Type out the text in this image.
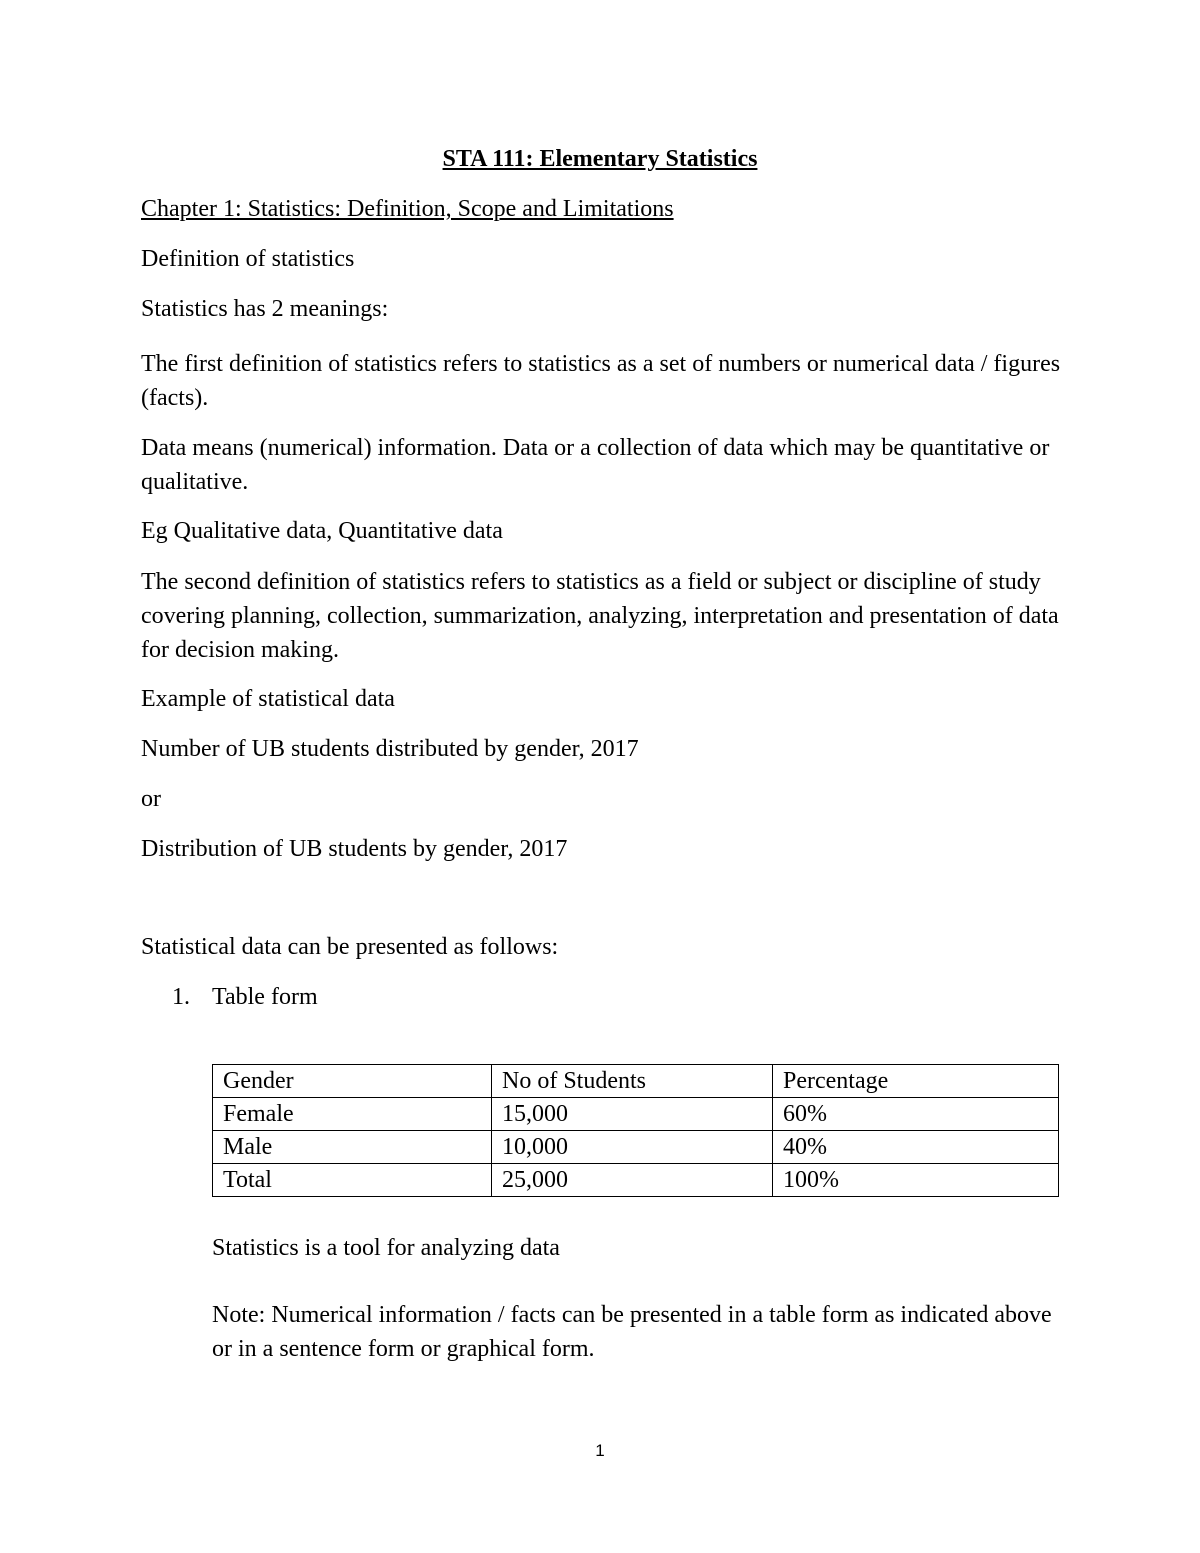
STA 111: Elementary Statistics
Chapter 1: Statistics: Definition, Scope and Limitations
Definition of statistics
Statistics has 2 meanings:
The first definition of statistics refers to statistics as a set of numbers or numerical data / figures (facts).
Data means (numerical) information. Data or a collection of data which may be quantitative or qualitative.
Eg Qualitative data, Quantitative data
The second definition of statistics refers to statistics as a field or subject or discipline of study covering planning, collection, summarization, analyzing, interpretation and presentation of data for decision making.
Example of statistical data
Number of UB students distributed by gender, 2017
or
Distribution of UB students by gender, 2017
Statistical data can be presented as follows:
1. Table form
Gender	No of Students	Percentage
Female	15,000	60%
Male	10,000	40%
Total	25,000	100%
Statistics is a tool for analyzing data
Note: Numerical information / facts can be presented in a table form as indicated above or in a sentence form or graphical form.
1
